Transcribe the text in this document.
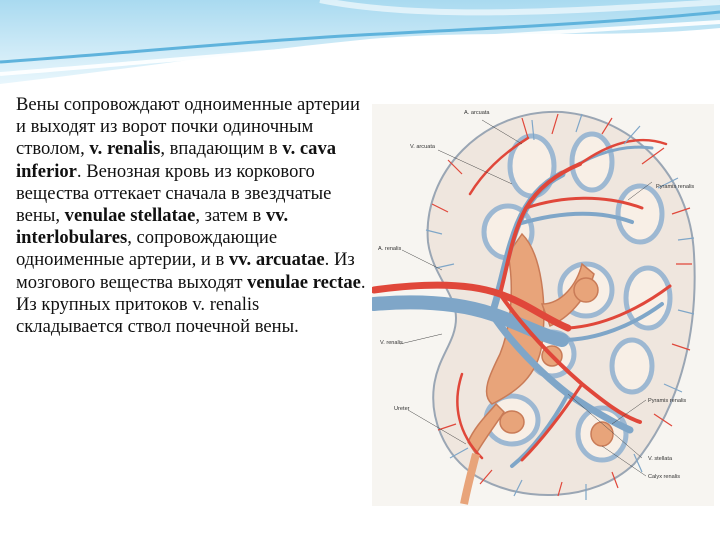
Вены сопровождают одноименные артерии и выходят из ворот почки одиночным стволом, v. renalis, впадающим в v. cava inferior. Венозная кровь из коркового вещества оттекает сначала в звездчатые вены, venulae stellatae, затем в vv. interlobulares, сопровождающие одноименные артерии, и в vv. arcuatae. Из мозгового вещества выходят venulae rectae. Из крупных притоков v. renalis складывается ствол почечной вены.
A. arcuata
V. arcuata
Pyramis renalis
A. renalis
V. renalis
Ureter
Pyramis renalis
V. stellata
Calyx renalis
